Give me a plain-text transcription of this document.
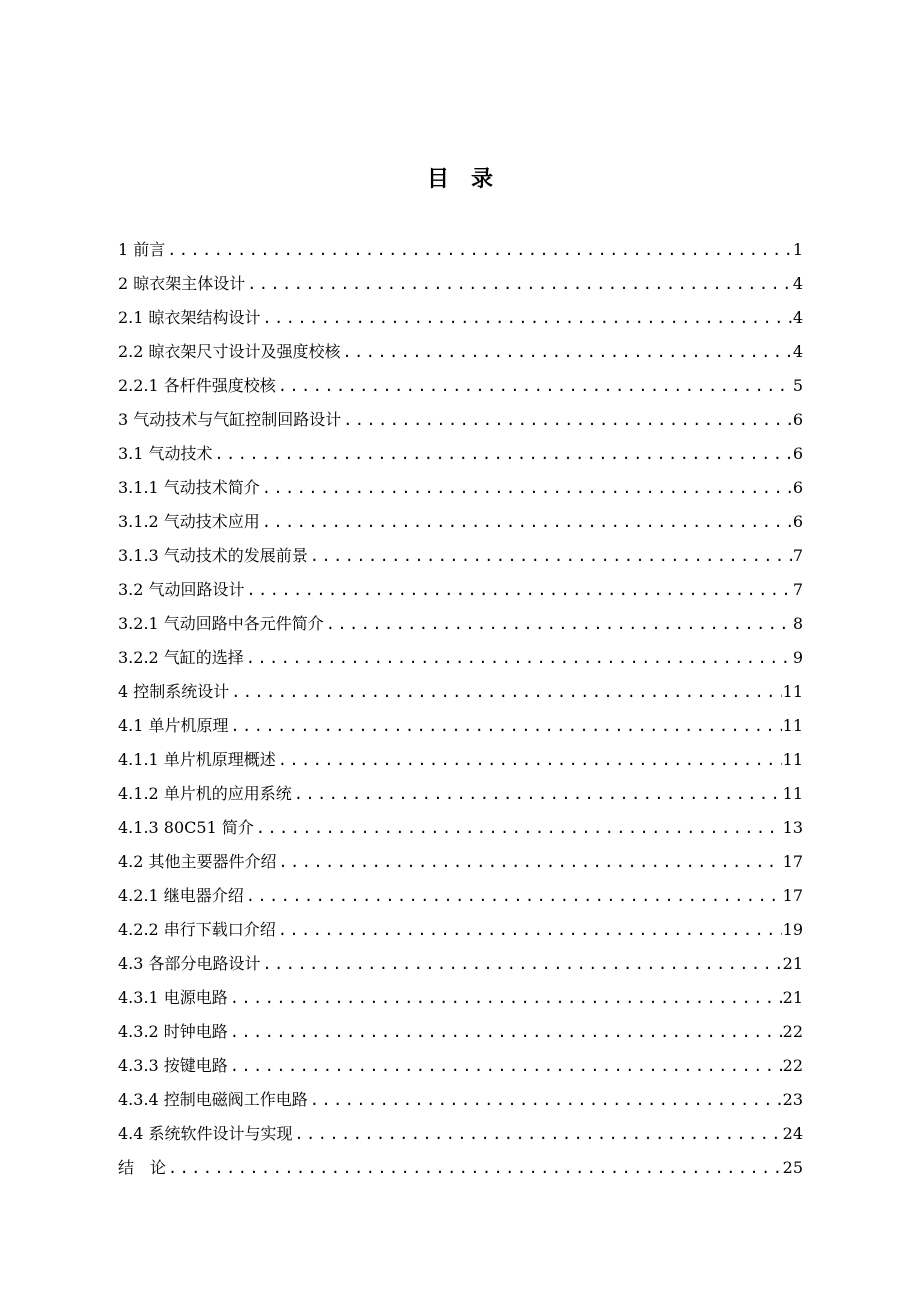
目　录
1 前言 .....	1
2 晾衣架主体设计 .....	4
2.1 晾衣架结构设计 .....	4
2.2 晾衣架尺寸设计及强度校核 .....	4
2.2.1 各杆件强度校核 .....	5
3 气动技术与气缸控制回路设计 .....	6
3.1 气动技术 .....	6
3.1.1 气动技术简介 .....	6
3.1.2 气动技术应用 .....	6
3.1.3 气动技术的发展前景 .....	7
3.2 气动回路设计 .....	7
3.2.1 气动回路中各元件简介 .....	8
3.2.2 气缸的选择 .....	9
4 控制系统设计 .....	11
4.1 单片机原理 .....	11
4.1.1 单片机原理概述 .....	11
4.1.2 单片机的应用系统 .....	11
4.1.3 80C51 简介 .....	13
4.2 其他主要器件介绍 .....	17
4.2.1 继电器介绍 .....	17
4.2.2 串行下载口介绍 .....	19
4.3 各部分电路设计 .....	21
4.3.1 电源电路 .....	21
4.3.2 时钟电路 .....	22
4.3.3 按键电路 .....	22
4.3.4 控制电磁阀工作电路 .....	23
4.4 系统软件设计与实现 .....	24
结　论 .....	25
